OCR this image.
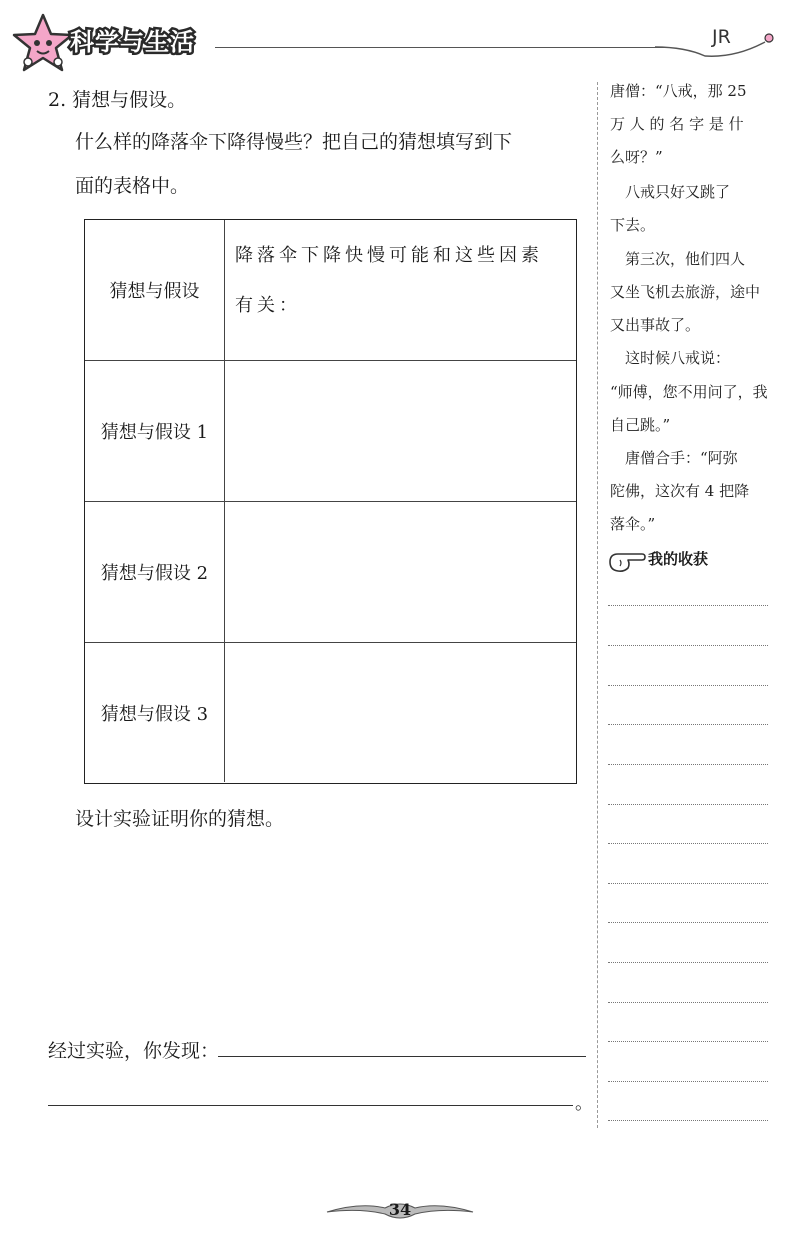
科学与生活	JR
2. 猜想与假设。
什么样的降落伞下降得慢些？把自己的猜想填写到下
面的表格中。
猜想与假设
降落伞下降快慢可能和这些因素
有关：
猜想与假设 1
猜想与假设 2
猜想与假设 3
设计实验证明你的猜想。
经过实验，你发现：
。
唐僧：“八戒，那 25
万 人 的 名 字 是 什
么呀？”
　八戒只好又跳了
下去。
　第三次，他们四人
又坐飞机去旅游，途中
又出事故了。
　这时候八戒说：
“师傅，您不用问了，我
自己跳。”
　唐僧合手：“阿弥
陀佛，这次有 4 把降
落伞。”
我的收获
34
